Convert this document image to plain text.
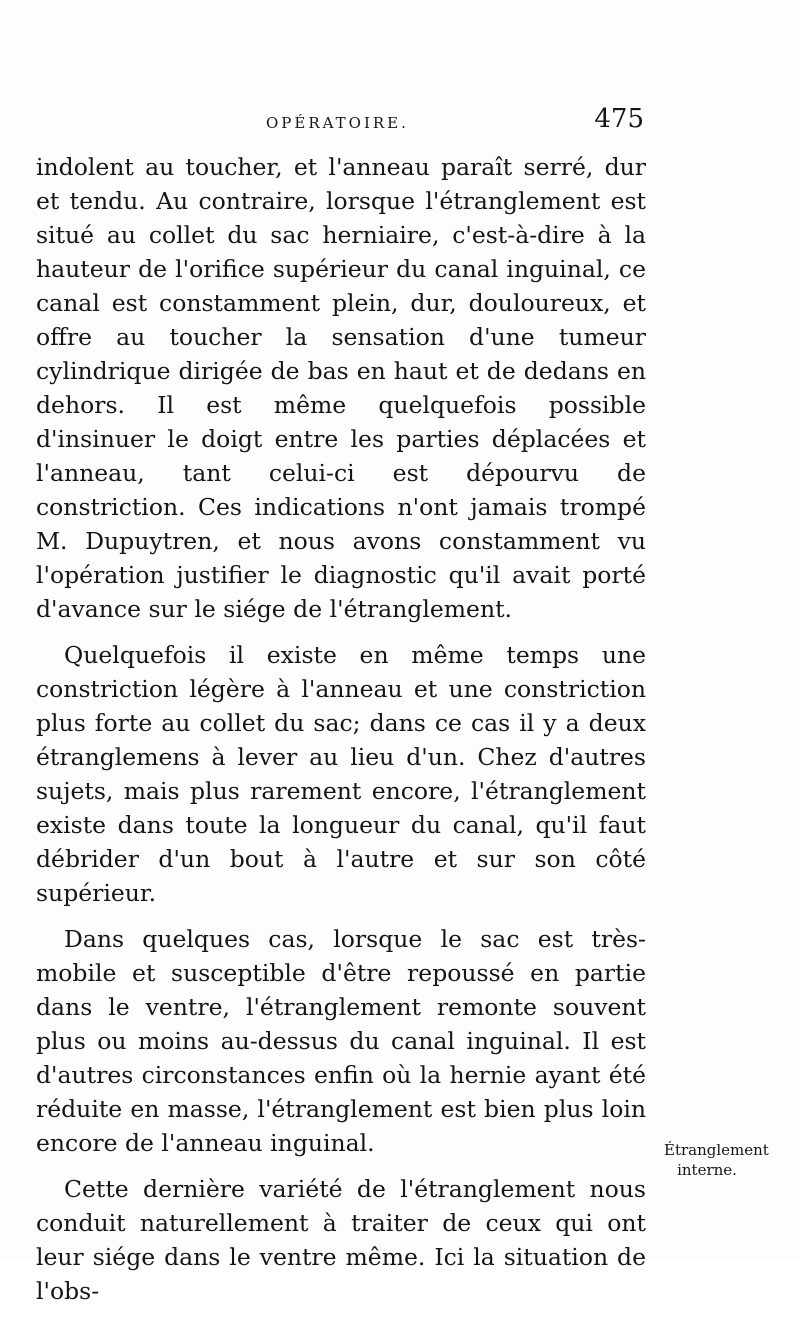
OPÉRATOIRE.	475

indolent au toucher, et l'anneau paraît serré, dur et tendu. Au contraire, lorsque l'étranglement est situé au collet du sac herniaire, c'est-à-dire à la hauteur de l'orifice supérieur du canal inguinal, ce canal est constamment plein, dur, douloureux, et offre au toucher la sensation d'une tumeur cylindrique dirigée de bas en haut et de dedans en dehors. Il est même quelquefois possible d'insinuer le doigt entre les parties déplacées et l'anneau, tant celui-ci est dépourvu de constriction. Ces indications n'ont jamais trompé M. Dupuytren, et nous avons constamment vu l'opération justifier le diagnostic qu'il avait porté d'avance sur le siége de l'étranglement.

Quelquefois il existe en même temps une constriction légère à l'anneau et une constriction plus forte au collet du sac; dans ce cas il y a deux étranglemens à lever au lieu d'un. Chez d'autres sujets, mais plus rarement encore, l'étranglement existe dans toute la longueur du canal, qu'il faut débrider d'un bout à l'autre et sur son côté supérieur.

Dans quelques cas, lorsque le sac est très-mobile et susceptible d'être repoussé en partie dans le ventre, l'étranglement remonte souvent plus ou moins au-dessus du canal inguinal. Il est d'autres circonstances enfin où la hernie ayant été réduite en masse, l'étranglement est bien plus loin encore de l'anneau inguinal.

Cette dernière variété de l'étranglement nous conduit naturellement à traiter de ceux qui ont leur siége dans le ventre même. Ici la situation de l'obs-

Étranglement interne.
